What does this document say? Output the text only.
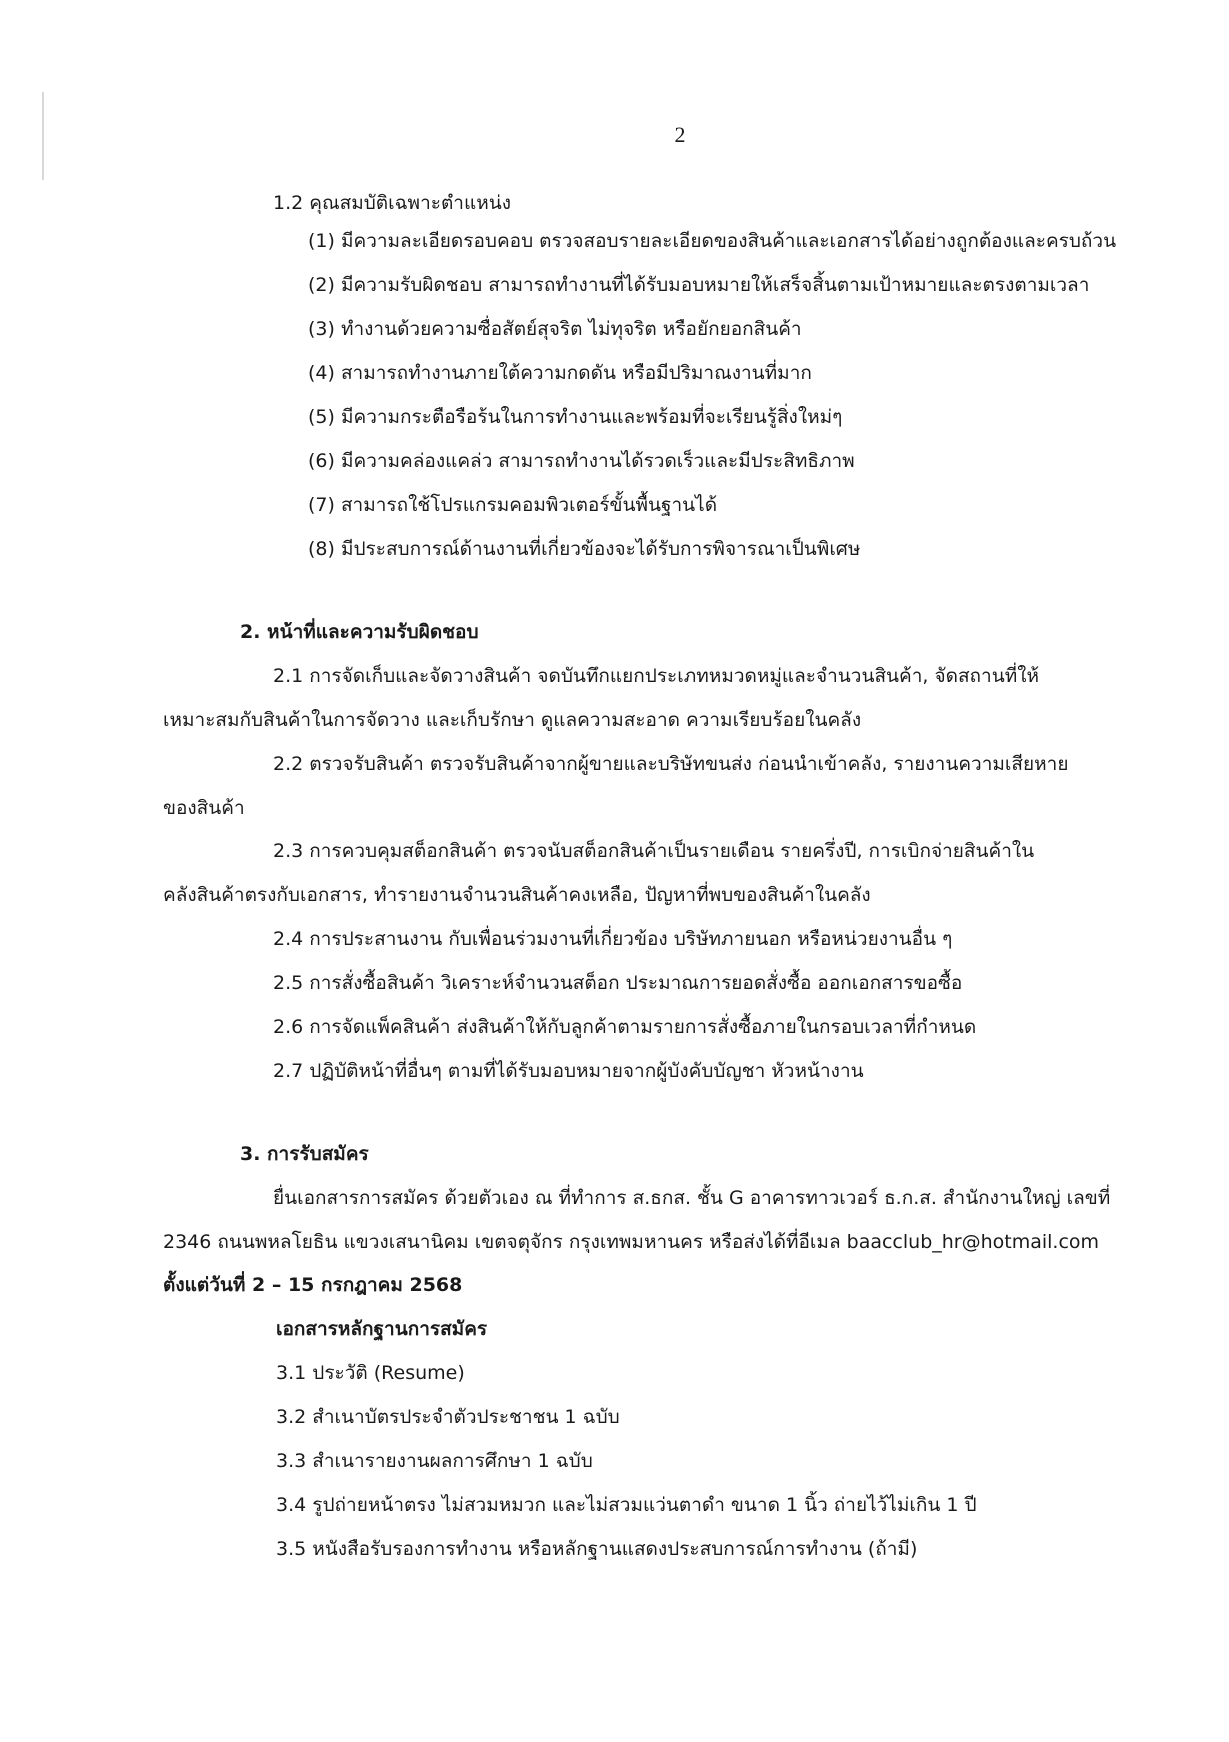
2
1.2 คุณสมบัติเฉพาะตำแหน่ง
(1) มีความละเอียดรอบคอบ ตรวจสอบรายละเอียดของสินค้าและเอกสารได้อย่างถูกต้องและครบถ้วน
(2) มีความรับผิดชอบ สามารถทำงานที่ได้รับมอบหมายให้เสร็จสิ้นตามเป้าหมายและตรงตามเวลา
(3) ทำงานด้วยความซื่อสัตย์สุจริต ไม่ทุจริต หรือยักยอกสินค้า
(4) สามารถทำงานภายใต้ความกดดัน หรือมีปริมาณงานที่มาก
(5) มีความกระตือรือร้นในการทำงานและพร้อมที่จะเรียนรู้สิ่งใหม่ๆ
(6) มีความคล่องแคล่ว สามารถทำงานได้รวดเร็วและมีประสิทธิภาพ
(7) สามารถใช้โปรแกรมคอมพิวเตอร์ขั้นพื้นฐานได้
(8) มีประสบการณ์ด้านงานที่เกี่ยวข้องจะได้รับการพิจารณาเป็นพิเศษ
2. หน้าที่และความรับผิดชอบ
2.1 การจัดเก็บและจัดวางสินค้า จดบันทึกแยกประเภทหมวดหมู่และจำนวนสินค้า, จัดสถานที่ให้
เหมาะสมกับสินค้าในการจัดวาง และเก็บรักษา ดูแลความสะอาด ความเรียบร้อยในคลัง
2.2 ตรวจรับสินค้า ตรวจรับสินค้าจากผู้ขายและบริษัทขนส่ง ก่อนนำเข้าคลัง, รายงานความเสียหาย
ของสินค้า
2.3 การควบคุมสต็อกสินค้า ตรวจนับสต็อกสินค้าเป็นรายเดือน รายครึ่งปี, การเบิกจ่ายสินค้าใน
คลังสินค้าตรงกับเอกสาร, ทำรายงานจำนวนสินค้าคงเหลือ, ปัญหาที่พบของสินค้าในคลัง
2.4 การประสานงาน กับเพื่อนร่วมงานที่เกี่ยวข้อง บริษัทภายนอก หรือหน่วยงานอื่น ๆ
2.5 การสั่งซื้อสินค้า วิเคราะห์จำนวนสต็อก ประมาณการยอดสั่งซื้อ ออกเอกสารขอซื้อ
2.6 การจัดแพ็คสินค้า ส่งสินค้าให้กับลูกค้าตามรายการสั่งซื้อภายในกรอบเวลาที่กำหนด
2.7 ปฏิบัติหน้าที่อื่นๆ ตามที่ได้รับมอบหมายจากผู้บังคับบัญชา หัวหน้างาน
3. การรับสมัคร
ยื่นเอกสารการสมัคร ด้วยตัวเอง ณ ที่ทำการ ส.ธกส. ชั้น G อาคารทาวเวอร์ ธ.ก.ส. สำนักงานใหญ่ เลขที่
2346 ถนนพหลโยธิน แขวงเสนานิคม เขตจตุจักร กรุงเทพมหานคร หรือส่งได้ที่อีเมล baacclub_hr@hotmail.com
ตั้งแต่วันที่ 2 – 15 กรกฎาคม 2568
เอกสารหลักฐานการสมัคร
3.1 ประวัติ (Resume)
3.2 สำเนาบัตรประจำตัวประชาชน 1 ฉบับ
3.3 สำเนารายงานผลการศึกษา 1 ฉบับ
3.4 รูปถ่ายหน้าตรง ไม่สวมหมวก และไม่สวมแว่นตาดำ ขนาด 1 นิ้ว ถ่ายไว้ไม่เกิน 1 ปี
3.5 หนังสือรับรองการทำงาน หรือหลักฐานแสดงประสบการณ์การทำงาน (ถ้ามี)
